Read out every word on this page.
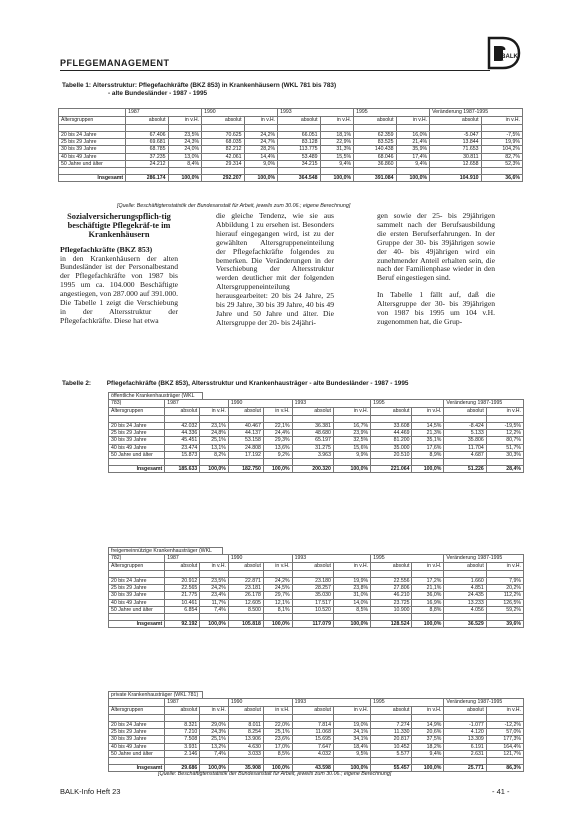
PFLEGEMANAGEMENT
BALK
Tabelle 1: Altersstruktur: Pflegefachkräfte (BKZ 853) in Krankenhäusern (WKL 781 bis 783)
- alte Bundesländer - 1987 - 1995
	1987		1990		1993		1995		Veränderung 1987-1995	
Altersgruppen	absolut	in v.H.	absolut	in v.H.	absolut	in v.H.	absolut	in v.H.	absolut	in v.H.

20 bis 24 Jahre	67.406	23,5%	70.625	24,2%	66.051	18,1%	62.359	16,0%	-5.047	-7,5%
25 bis 29 Jahre	69.681	24,3%	68.035	24,7%	83.128	22,9%	83.525	21,4%	13.844	19,9%
30 bis 39 Jahre	68.785	24,0%	82.212	28,2%	113.775	31,3%	140.438	35,9%	71.653	104,2%
40 bis 49 Jahre	37.235	13,0%	42.061	14,4%	53.489	15,5%	68.046	17,4%	30.811	82,7%
50 Jahre und älter	24.212	8,4%	29.314	9,0%	34.215	9,4%	36.860	9,4%	12.658	52,3%

Insgesamt	286.174	100,0%	292.207	100,0%	364.548	100,0%	391.084	100,0%	104.910	36,6%
[Quelle: Beschäftigtenstatistik der Bundesanstalt für Arbeit, jeweils zum 30.06.; eigene Berechnung]
Sozialversicherungspflich-tig beschäftigte Pflegekräf-te im Krankenhäusern
Pflegefachkräfte (BKZ 853)

in den Krankenhäusern der alten Bundesländer ist der Personalbestand der Pflegefachkräfte von 1987 bis 1995 um ca. 104.000 Beschäftigte angestiegen, von 287.000 auf 391.000. Die Tabelle 1 zeigt die Verschiebung in der Altersstruktur der Pflegefachkräfte. Diese hat etwa

die gleiche Tendenz, wie sie aus Abbildung 1 zu ersehen ist. Besonders hierauf eingegangen wird, ist zu der gewählten Altersgruppeneinteilung der Pflegefachkräfte folgendes zu bemerken. Die Veränderungen in der Verschiebung der Altersstruktur werden deutlicher mit der folgenden Altersgruppeneinteilung herausgearbeitet: 20 bis 24 Jahre, 25 bis 29 Jahre, 30 bis 39 Jahre, 40 bis 49 Jahre und 50 Jahre und älter. Die Altersgruppe der 20- bis 24jähri-

gen sowie der 25- bis 29jährigen sammelt nach der Berufsausbildung die ersten Berufserfahrungen. In der Gruppe der 30- bis 39jährigen sowie der 40- bis 49jährigen wird ein zunehmender Anteil erhalten sein, die nach der Familienphase wieder in den Beruf eingestiegen sind.

In Tabelle 1 fällt auf, daß die Altersgruppe der 30- bis 39jährigen von 1987 bis 1995 um 104 v.H. zugenommen hat, die Grup-

Tabelle 2: Pflegefachkräfte (BKZ 853), Altersstruktur und Krankenhausträger - alte Bundesländer - 1987 - 1995
öffentliche Krankenhausträger (WKL 783)
		1987		1990		1993		1995		Veränderung 1987-1995	
Altersgruppen	absolut	in v.H.	absolut	in v.H.	absolut	in v.H.	absolut	in v.H.	absolut	in v.H.

20 bis 24 Jahre	42.032	23,1%	40.467	22,1%	36.381	16,7%	33.608	14,5%	-8.424	-19,5%
25 bis 29 Jahre	44.336	24,8%	44.137	24,4%	48.680	23,9%	44.469	21,3%	5.133	12,2%
30 bis 39 Jahre	45.451	25,1%	53.158	29,3%	65.197	32,5%	81.200	35,1%	35.806	80,7%
40 bis 49 Jahre	23.474	13,1%	24.808	13,6%	31.275	15,6%	35.000	17,6%	11.704	51,7%
50 Jahre und älter	15.873	8,2%	17.192	9,2%	3.963	9,9%	20.510	8,9%	4.687	30,3%

Insgesamt	185.633	100,0%	182.750	100,0%	200.320	100,0%	221.064	100,0%	51.226	28,4%
freigemeinnützige Krankenhausträger (WKL 782)
		1987		1990		1993		1995		Veränderung 1987-1995	
Altersgruppen	absolut	in v.H.	absolut	in v.H.	absolut	in v.H.	absolut	in v.H.	absolut	in v.H.

20 bis 24 Jahre	20.912	23,5%	22.871	24,2%	23.180	19,9%	22.556	17,2%	1.660	7,9%
25 bis 29 Jahre	22.565	24,2%	23.181	24,5%	28.257	23,8%	27.806	21,1%	4.851	20,2%
30 bis 39 Jahre	21.775	23,4%	26.178	29,7%	35.030	31,0%	46.210	36,0%	24.435	112,2%
40 bis 49 Jahre	10.461	11,7%	12.605	12,1%	17.517	14,0%	23.725	16,9%	13.233	126,5%
50 Jahre und älter	6.854	7,4%	8.500	8,1%	10.520	8,5%	10.900	8,8%	4.056	59,2%

Insgesamt	92.192	100,0%	105.818	100,0%	117.079	100,0%	128.524	100,0%	36.529	39,6%
private Krankenhausträger (WKL 781)
	1987		1990		1993		1995		Veränderung 1987-1995	
Altersgruppen	absolut	in v.H.	absolut	in v.H.	absolut	in v.H.	absolut	in v.H.	absolut	in v.H.

20 bis 24 Jahre	8.321	29,0%	8.011	22,0%	7.814	19,0%	7.274	14,9%	-1.077	-12,2%
25 bis 29 Jahre	7.210	24,3%	8.254	25,1%	11.068	24,1%	11.330	20,6%	4.120	57,0%
30 bis 39 Jahre	7.508	25,1%	13.906	23,6%	15.695	34,1%	20.817	37,5%	13.309	177,3%
40 bis 49 Jahre	3.931	13,2%	4.630	17,0%	7.647	18,4%	10.452	18,2%	6.191	164,4%
50 Jahre und älter	2.146	7,4%	3.033	8,5%	4.032	9,5%	5.577	9,4%	2.631	121,7%

Insgesamt	29.686	100,0%	35.908	100,0%	43.598	100,0%	55.457	100,0%	25.771	86,3%
[Quelle: Beschäftigtenstatistik der Bundesanstalt für Arbeit, jeweils zum 30.06.; eigene Berechnung]
BALK-Info Heft 23	- 41 -
